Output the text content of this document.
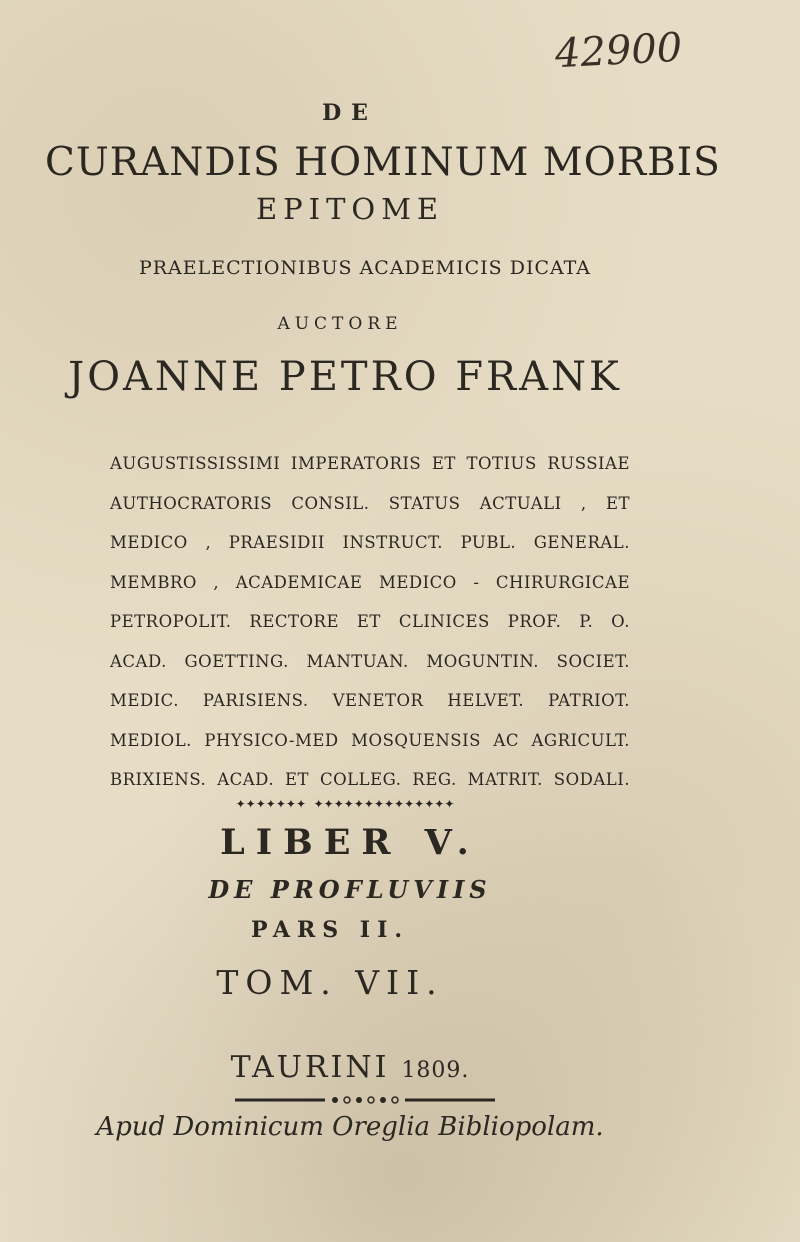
42900
DE
CURANDIS HOMINUM MORBIS
EPITOME
PRAELECTIONIBUS ACADEMICIS DICATA
AUCTORE
JOANNE PETRO FRANK
AUGUSTISSISSIMI IMPERATORIS ET TOTIUS RUSSIAE
AUTHOCRATORIS CONSIL. STATUS ACTUALI , ET
MEDICO , PRAESIDII INSTRUCT. PUBL. GENERAL.
MEMBRO , ACADEMICAE MEDICO - CHIRURGICAE
PETROPOLIT. RECTORE ET CLINICES PROF. P. O.
ACAD. GOETTING. MANTUAN. MOGUNTIN. SOCIET.
MEDIC. PARISIENS. VENETOR HELVET. PATRIOT.
MEDIOL. PHYSICO-MED MOSQUENSIS AC AGRICULT.
BRIXIENS. ACAD. ET COLLEG. REG. MATRIT. SODALI.
✦✦✦✦✦✦✦  ✦✦✦✦✦✦✦✦✦✦✦✦✦✦
LIBER V.
DE PROFLUVIIS
PARS II.
TOM. VII.
TAURINI 1809.
Apud Dominicum Oreglia Bibliopolam.
